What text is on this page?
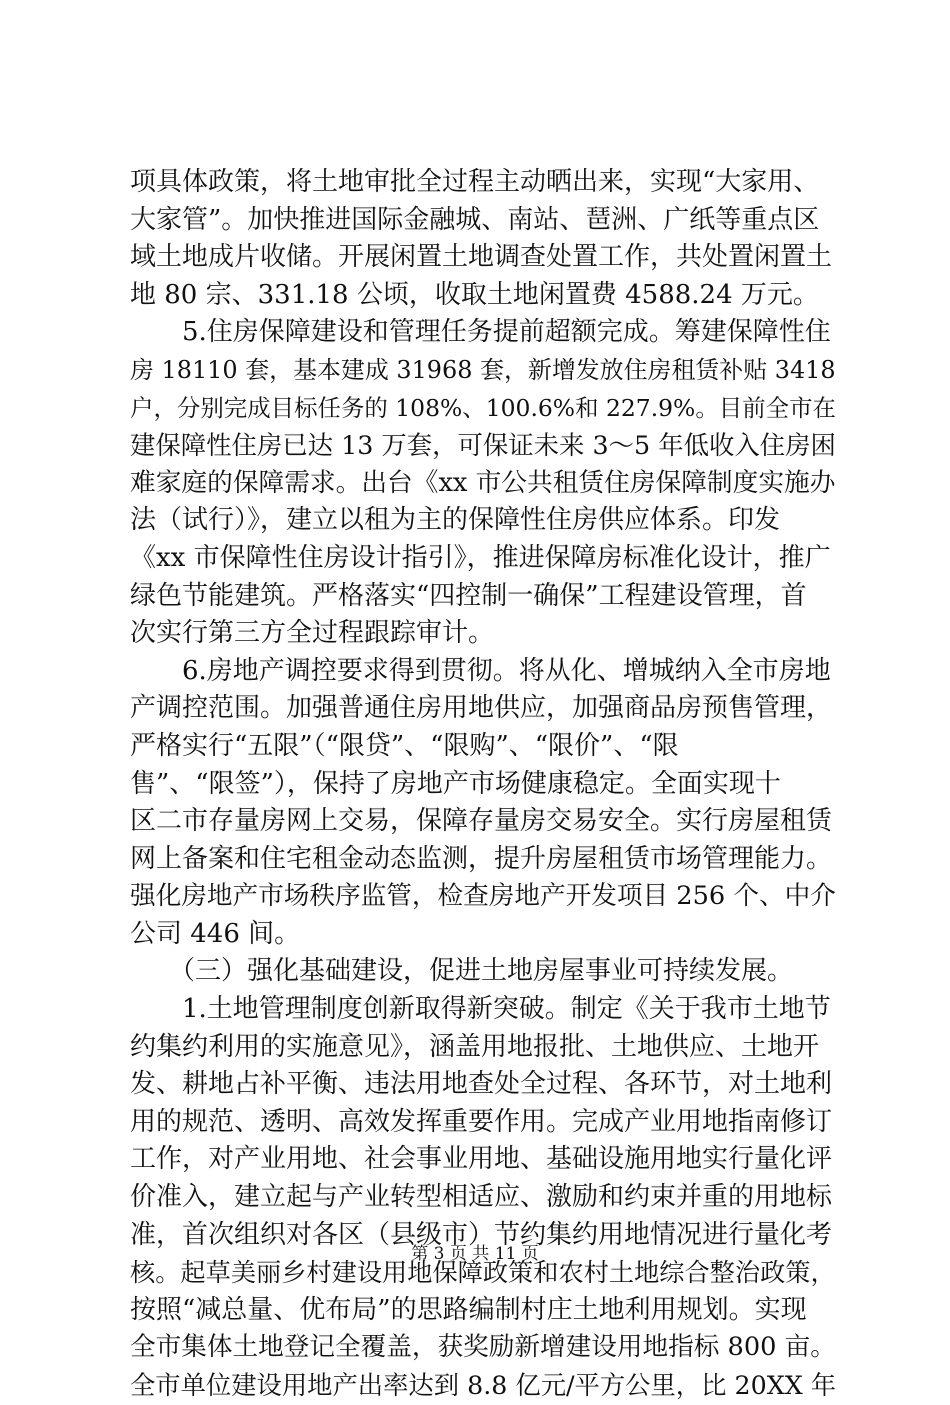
项具体政策，将土地审批全过程主动晒出来，实现“大家用、
大家管”。加快推进国际金融城、南站、琶洲、广纸等重点区
域土地成片收储。开展闲置土地调查处置工作，共处置闲置土
地 80 宗、331.18 公顷，收取土地闲置费 4588.24 万元。
　　5.住房保障建设和管理任务提前超额完成。筹建保障性住
房 18110 套，基本建成 31968 套，新增发放住房租赁补贴 3418
户，分别完成目标任务的 108%、100.6%和 227.9%。目前全市在
建保障性住房已达 13 万套，可保证未来 3～5 年低收入住房困
难家庭的保障需求。出台《xx 市公共租赁住房保障制度实施办
法（试行）》，建立以租为主的保障性住房供应体系。印发
《xx 市保障性住房设计指引》，推进保障房标准化设计，推广
绿色节能建筑。严格落实“四控制一确保”工程建设管理，首
次实行第三方全过程跟踪审计。
　　6.房地产调控要求得到贯彻。将从化、增城纳入全市房地
产调控范围。加强普通住房用地供应，加强商品房预售管理，
严格实行“五限”（“限贷”、“限购”、“限价”、“限
售”、“限签”），保持了房地产市场健康稳定。全面实现十
区二市存量房网上交易，保障存量房交易安全。实行房屋租赁
网上备案和住宅租金动态监测，提升房屋租赁市场管理能力。
强化房地产市场秩序监管，检查房地产开发项目 256 个、中介
公司 446 间。
　　（三）强化基础建设，促进土地房屋事业可持续发展。
　　1.土地管理制度创新取得新突破。制定《关于我市土地节
约集约利用的实施意见》，涵盖用地报批、土地供应、土地开
发、耕地占补平衡、违法用地查处全过程、各环节，对土地利
用的规范、透明、高效发挥重要作用。完成产业用地指南修订
工作，对产业用地、社会事业用地、基础设施用地实行量化评
价准入，建立起与产业转型相适应、激励和约束并重的用地标
准，首次组织对各区（县级市）节约集约用地情况进行量化考
核。起草美丽乡村建设用地保障政策和农村土地综合整治政策，
按照“减总量、优布局”的思路编制村庄土地利用规划。实现
全市集体土地登记全覆盖，获奖励新增建设用地指标 800 亩。
全市单位建设用地产出率达到 8.8 亿元/平方公里，比 20XX 年
第 3 页 共 11 页
